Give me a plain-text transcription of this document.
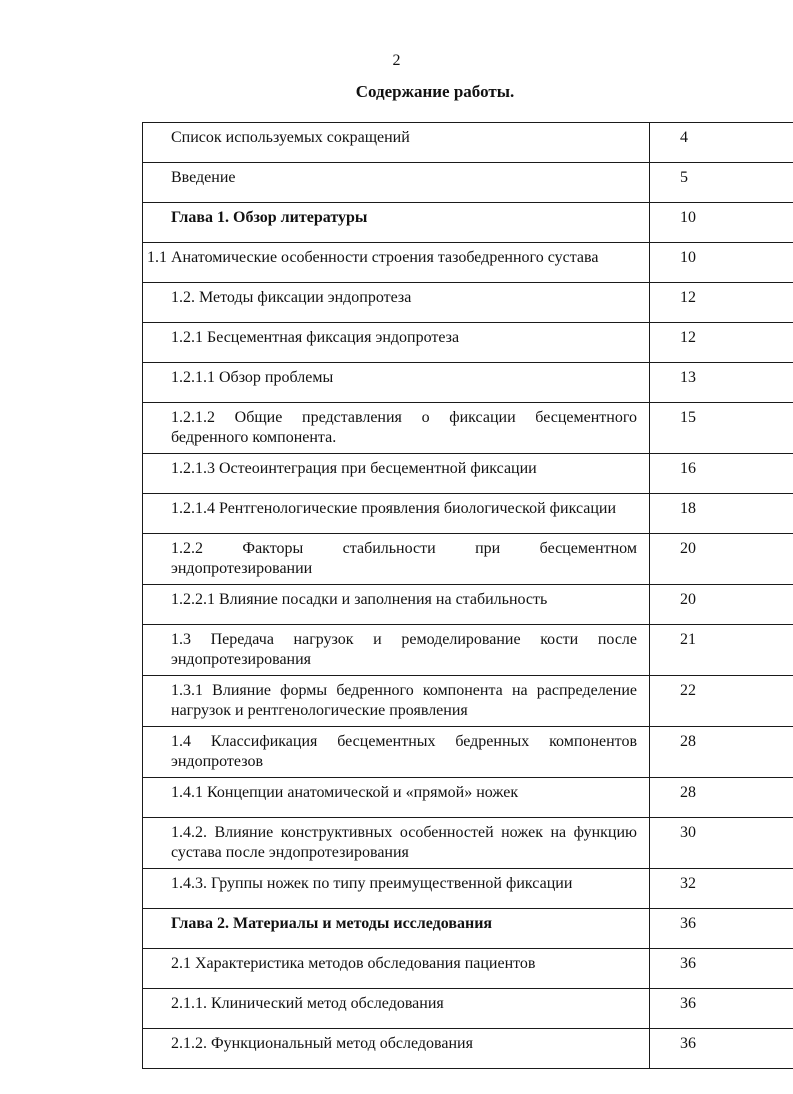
2
Содержание работы.
Список используемых сокращений	4
Введение	5
Глава 1. Обзор литературы	10
1.1 Анатомические особенности строения тазобедренного сустава	10
1.2. Методы фиксации эндопротеза	12
1.2.1 Бесцементная фиксация эндопротеза	12
1.2.1.1 Обзор проблемы	13
1.2.1.2 Общие представления о фиксации бесцементного бедренного компонента.	15
1.2.1.3 Остеоинтеграция при бесцементной фиксации	16
1.2.1.4 Рентгенологические проявления биологической фиксации	18
1.2.2 Факторы стабильности при бесцементном эндопротезировании	20
1.2.2.1 Влияние посадки и заполнения на стабильность	20
1.3 Передача нагрузок и ремоделирование кости после эндопротезирования	21
1.3.1 Влияние формы бедренного компонента на распределение нагрузок и рентгенологические проявления	22
1.4 Классификация бесцементных бедренных компонентов эндопротезов	28
1.4.1 Концепции анатомической и «прямой» ножек	28
1.4.2. Влияние конструктивных особенностей ножек на функцию сустава после эндопротезирования	30
1.4.3. Группы ножек по типу преимущественной фиксации	32
Глава 2. Материалы и методы исследования	36
2.1 Характеристика методов обследования пациентов	36
2.1.1. Клинический метод обследования	36
2.1.2. Функциональный метод обследования	36
